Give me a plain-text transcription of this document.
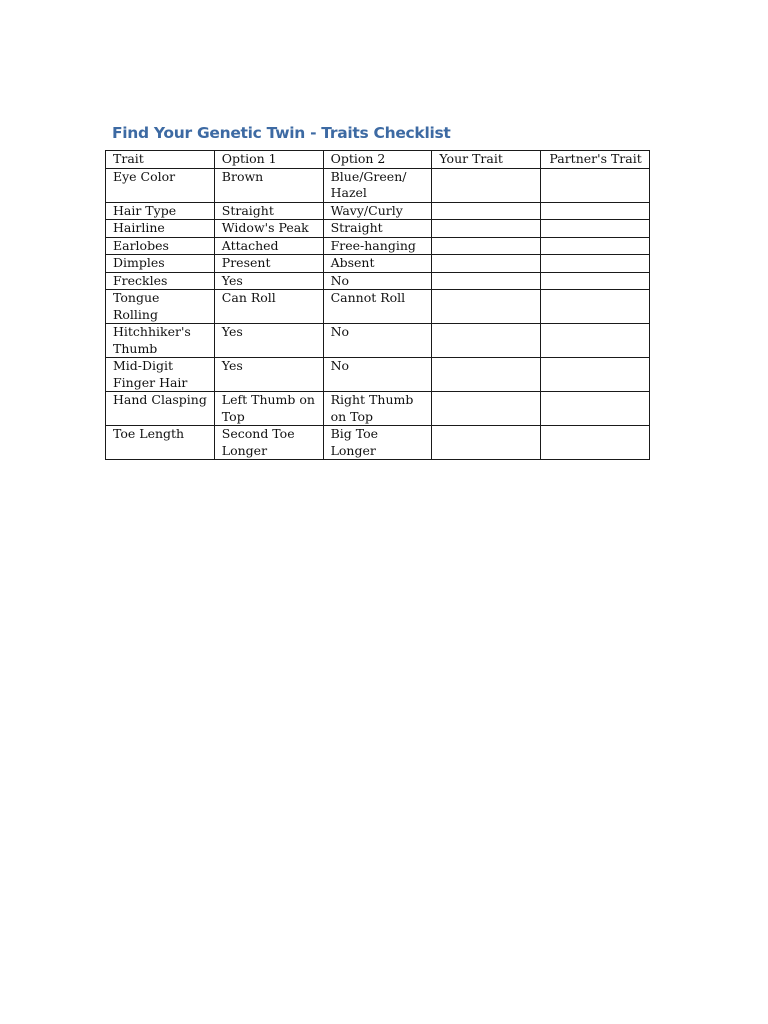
Find Your Genetic Twin - Traits Checklist
Trait	Option 1	Option 2	Your Trait	Partner's Trait
Eye Color	Brown	Blue/Green/ Hazel		
Hair Type	Straight	Wavy/Curly		
Hairline	Widow's Peak	Straight		
Earlobes	Attached	Free-hanging		
Dimples	Present	Absent		
Freckles	Yes	No		
Tongue Rolling	Can Roll	Cannot Roll		
Hitchhiker's Thumb	Yes	No		
Mid-Digit Finger Hair	Yes	No		
Hand Clasping	Left Thumb on Top	Right Thumb on Top		
Toe Length	Second Toe Longer	Big Toe Longer		
